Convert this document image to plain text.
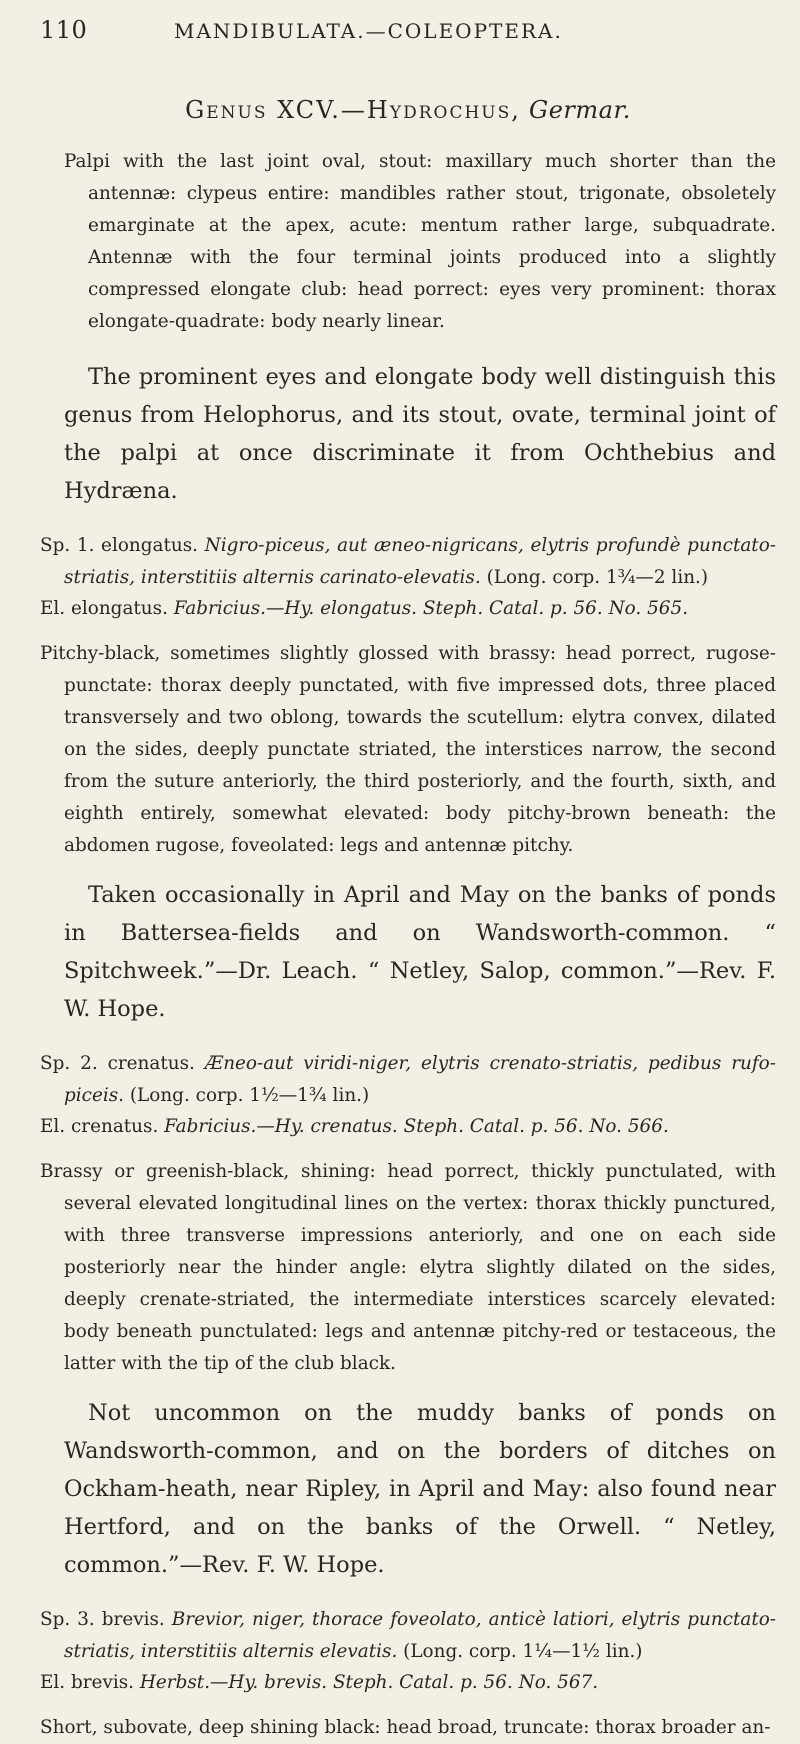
110	MANDIBULATA.—COLEOPTERA.
Genus XCV.—Hydrochus, Germar.

Palpi with the last joint oval, stout: maxillary much shorter than the antennæ: clypeus entire: mandibles rather stout, trigonate, obsoletely emarginate at the apex, acute: mentum rather large, subquadrate. Antennæ with the four terminal joints produced into a slightly compressed elongate club: head porrect: eyes very prominent: thorax elongate-quadrate: body nearly linear.

The prominent eyes and elongate body well distinguish this genus from Helophorus, and its stout, ovate, terminal joint of the palpi at once discriminate it from Ochthebius and Hydræna.

Sp. 1. elongatus. Nigro-piceus, aut æneo-nigricans, elytris profundè punctato-striatis, interstitiis alternis carinato-elevatis. (Long. corp. 1¾—2 lin.)

El. elongatus. Fabricius.—Hy. elongatus. Steph. Catal. p. 56. No. 565.

Pitchy-black, sometimes slightly glossed with brassy: head porrect, rugose-punctate: thorax deeply punctated, with five impressed dots, three placed transversely and two oblong, towards the scutellum: elytra convex, dilated on the sides, deeply punctate striated, the interstices narrow, the second from the suture anteriorly, the third posteriorly, and the fourth, sixth, and eighth entirely, somewhat elevated: body pitchy-brown beneath: the abdomen rugose, foveolated: legs and antennæ pitchy.

Taken occasionally in April and May on the banks of ponds in Battersea-fields and on Wandsworth-common. “ Spitchweek.”—Dr. Leach. “ Netley, Salop, common.”—Rev. F. W. Hope.

Sp. 2. crenatus. Æneo-aut viridi-niger, elytris crenato-striatis, pedibus rufo-piceis. (Long. corp. 1½—1¾ lin.)

El. crenatus. Fabricius.—Hy. crenatus. Steph. Catal. p. 56. No. 566.

Brassy or greenish-black, shining: head porrect, thickly punctulated, with several elevated longitudinal lines on the vertex: thorax thickly punctured, with three transverse impressions anteriorly, and one on each side posteriorly near the hinder angle: elytra slightly dilated on the sides, deeply crenate-striated, the intermediate interstices scarcely elevated: body beneath punctulated: legs and antennæ pitchy-red or testaceous, the latter with the tip of the club black.

Not uncommon on the muddy banks of ponds on Wandsworth-common, and on the borders of ditches on Ockham-heath, near Ripley, in April and May: also found near Hertford, and on the banks of the Orwell. “ Netley, common.”—Rev. F. W. Hope.

Sp. 3. brevis. Brevior, niger, thorace foveolato, anticè latiori, elytris punctato-striatis, interstitiis alternis elevatis. (Long. corp. 1¼—1½ lin.)

El. brevis. Herbst.—Hy. brevis. Steph. Catal. p. 56. No. 567.

Short, subovate, deep shining black: head broad, truncate: thorax broader an-
